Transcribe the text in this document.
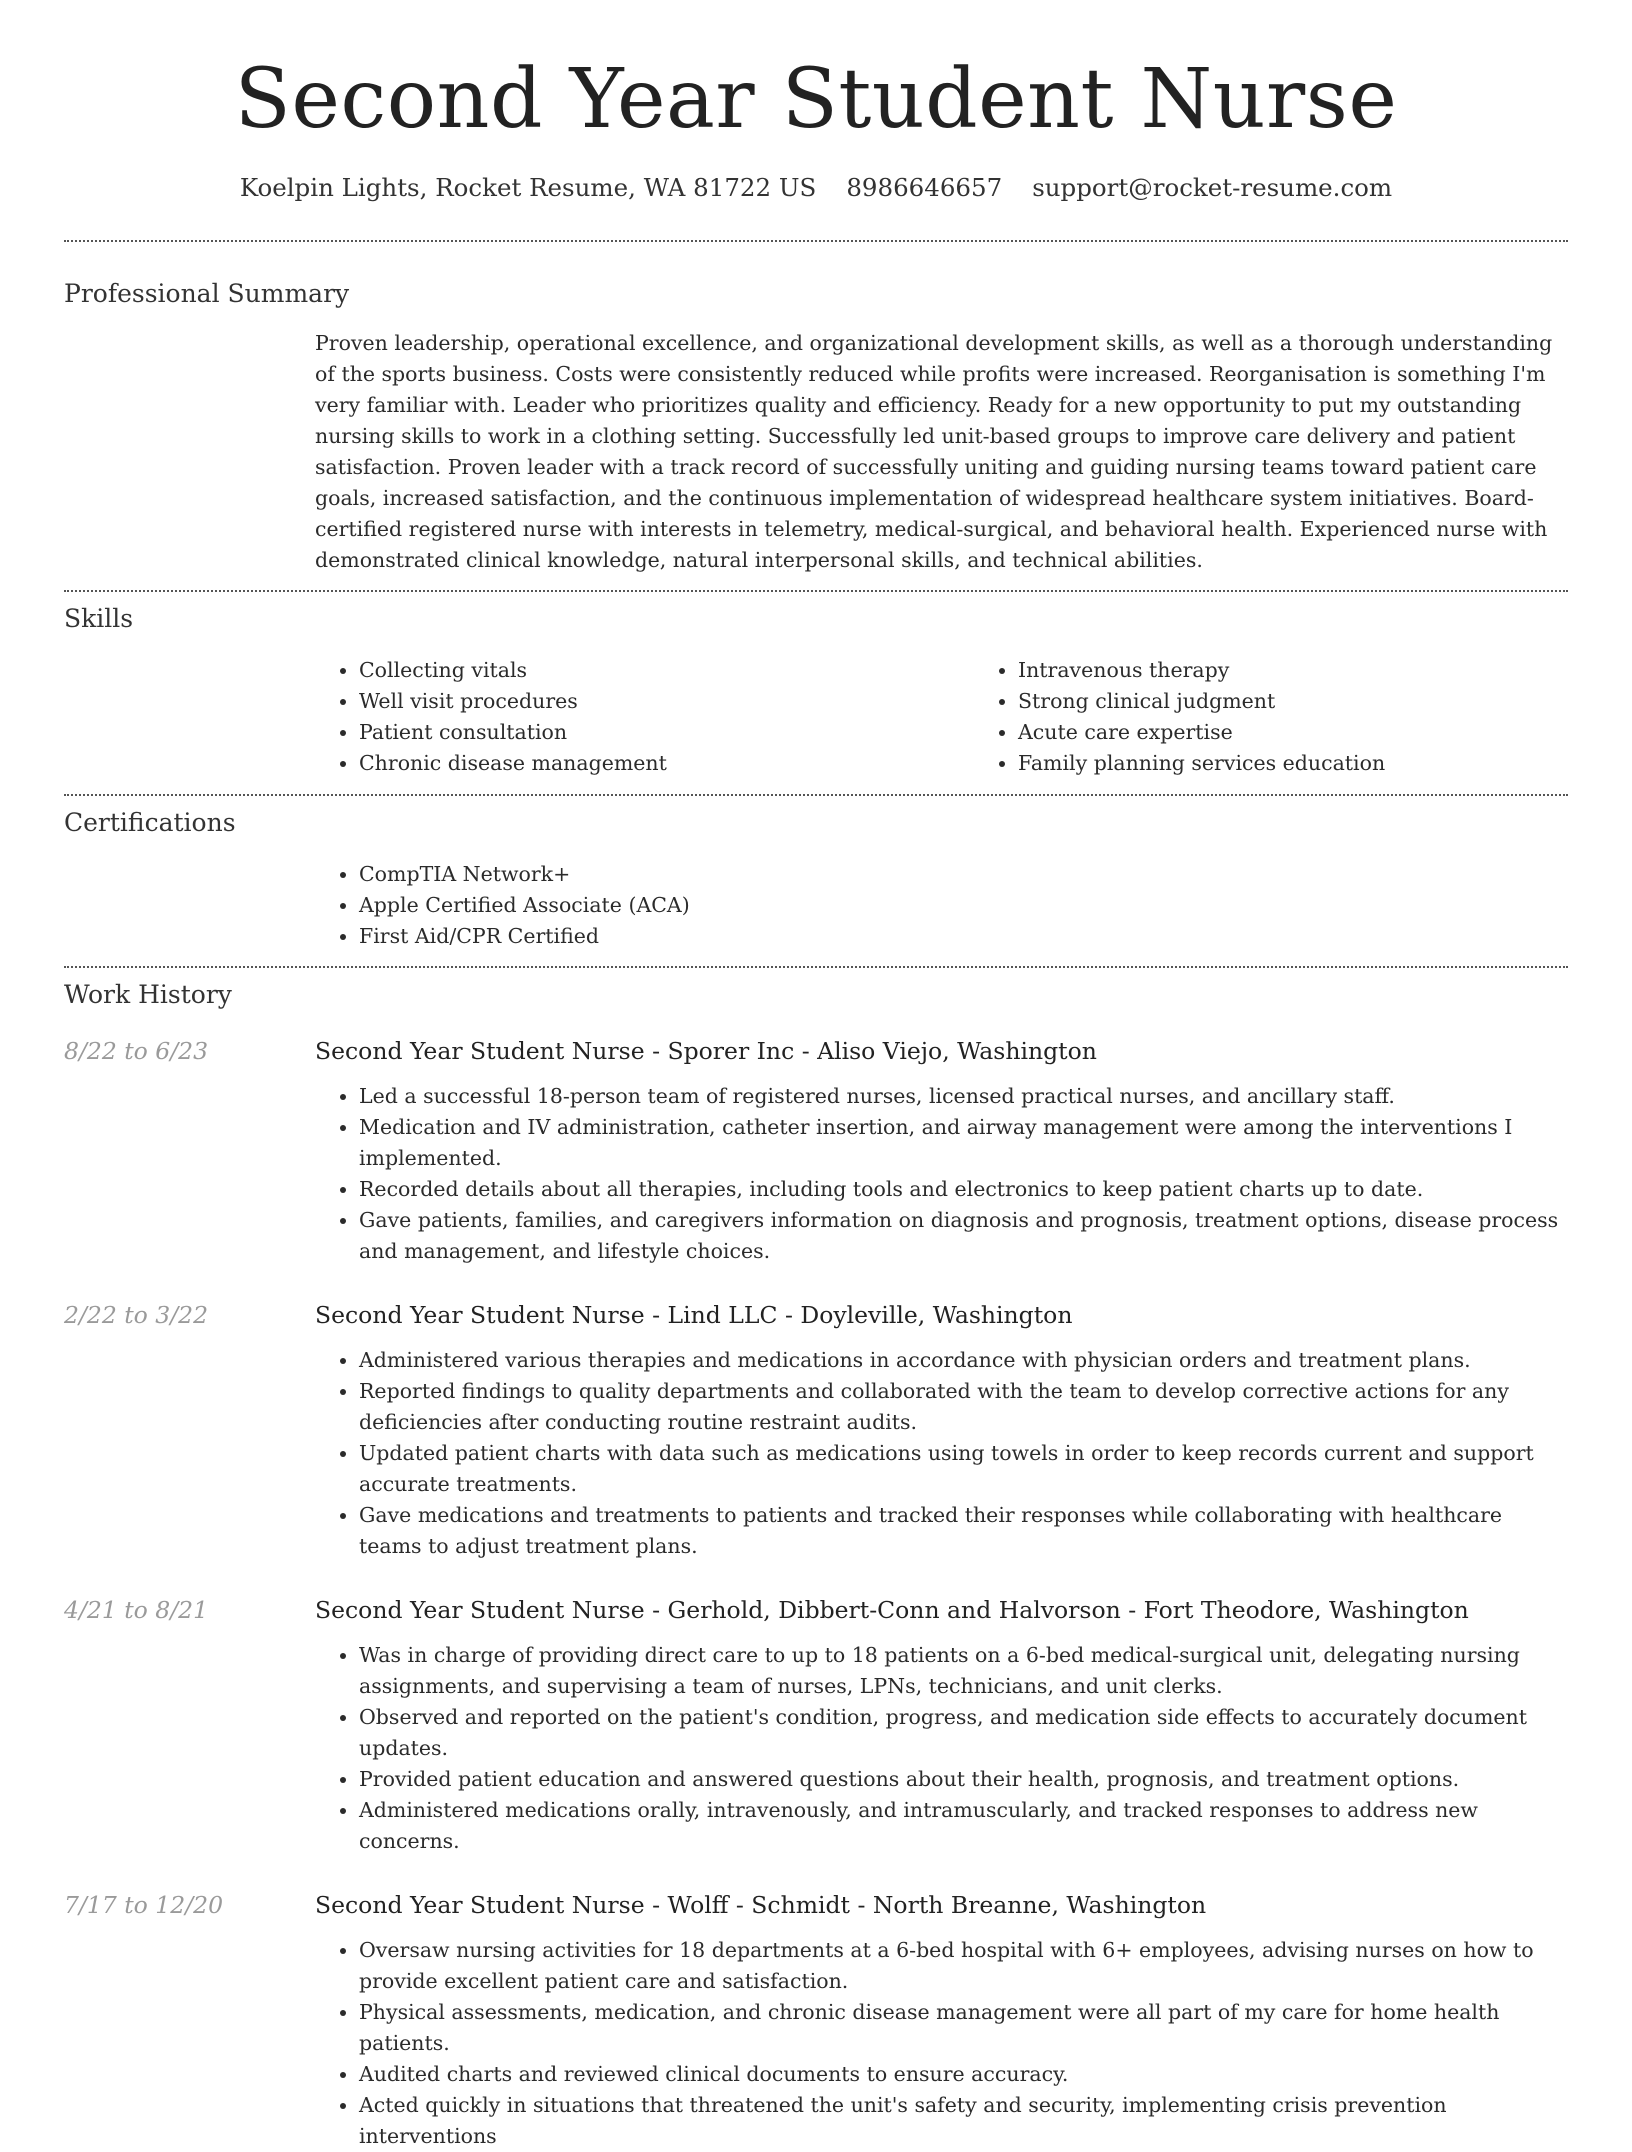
Second Year Student Nurse
Koelpin Lights, Rocket Resume, WA 81722 US 8986646657 support@rocket-resume.com
Professional Summary

Proven leadership, operational excellence, and organizational development skills, as well as a thorough understanding of the sports business. Costs were consistently reduced while profits were increased. Reorganisation is something I'm very familiar with. Leader who prioritizes quality and efficiency. Ready for a new opportunity to put my outstanding nursing skills to work in a clothing setting. Successfully led unit-based groups to improve care delivery and patient satisfaction. Proven leader with a track record of successfully uniting and guiding nursing teams toward patient care goals, increased satisfaction, and the continuous implementation of widespread healthcare system initiatives. Board-certified registered nurse with interests in telemetry, medical-surgical, and behavioral health. Experienced nurse with demonstrated clinical knowledge, natural interpersonal skills, and technical abilities.

Skills
• Collecting vitals
• Well visit procedures
• Patient consultation
• Chronic disease management
• Intravenous therapy
• Strong clinical judgment
• Acute care expertise
• Family planning services education
Certifications
• CompTIA Network+
• Apple Certified Associate (ACA)
• First Aid/CPR Certified
Work History
8/22 to 6/23	Second Year Student Nurse - Sporer Inc - Aliso Viejo, Washington
• Led a successful 18-person team of registered nurses, licensed practical nurses, and ancillary staff.
• Medication and IV administration, catheter insertion, and airway management were among the interventions I implemented.
• Recorded details about all therapies, including tools and electronics to keep patient charts up to date.
• Gave patients, families, and caregivers information on diagnosis and prognosis, treatment options, disease process and management, and lifestyle choices.
2/22 to 3/22	Second Year Student Nurse - Lind LLC - Doyleville, Washington
• Administered various therapies and medications in accordance with physician orders and treatment plans.
• Reported findings to quality departments and collaborated with the team to develop corrective actions for any deficiencies after conducting routine restraint audits.
• Updated patient charts with data such as medications using towels in order to keep records current and support accurate treatments.
• Gave medications and treatments to patients and tracked their responses while collaborating with healthcare teams to adjust treatment plans.
4/21 to 8/21	Second Year Student Nurse - Gerhold, Dibbert-Conn and Halvorson - Fort Theodore, Washington
• Was in charge of providing direct care to up to 18 patients on a 6-bed medical-surgical unit, delegating nursing assignments, and supervising a team of nurses, LPNs, technicians, and unit clerks.
• Observed and reported on the patient's condition, progress, and medication side effects to accurately document updates.
• Provided patient education and answered questions about their health, prognosis, and treatment options.
• Administered medications orally, intravenously, and intramuscularly, and tracked responses to address new concerns.
7/17 to 12/20	Second Year Student Nurse - Wolff - Schmidt - North Breanne, Washington
• Oversaw nursing activities for 18 departments at a 6-bed hospital with 6+ employees, advising nurses on how to provide excellent patient care and satisfaction.
• Physical assessments, medication, and chronic disease management were all part of my care for home health patients.
• Audited charts and reviewed clinical documents to ensure accuracy.
• Acted quickly in situations that threatened the unit's safety and security, implementing crisis prevention interventions
